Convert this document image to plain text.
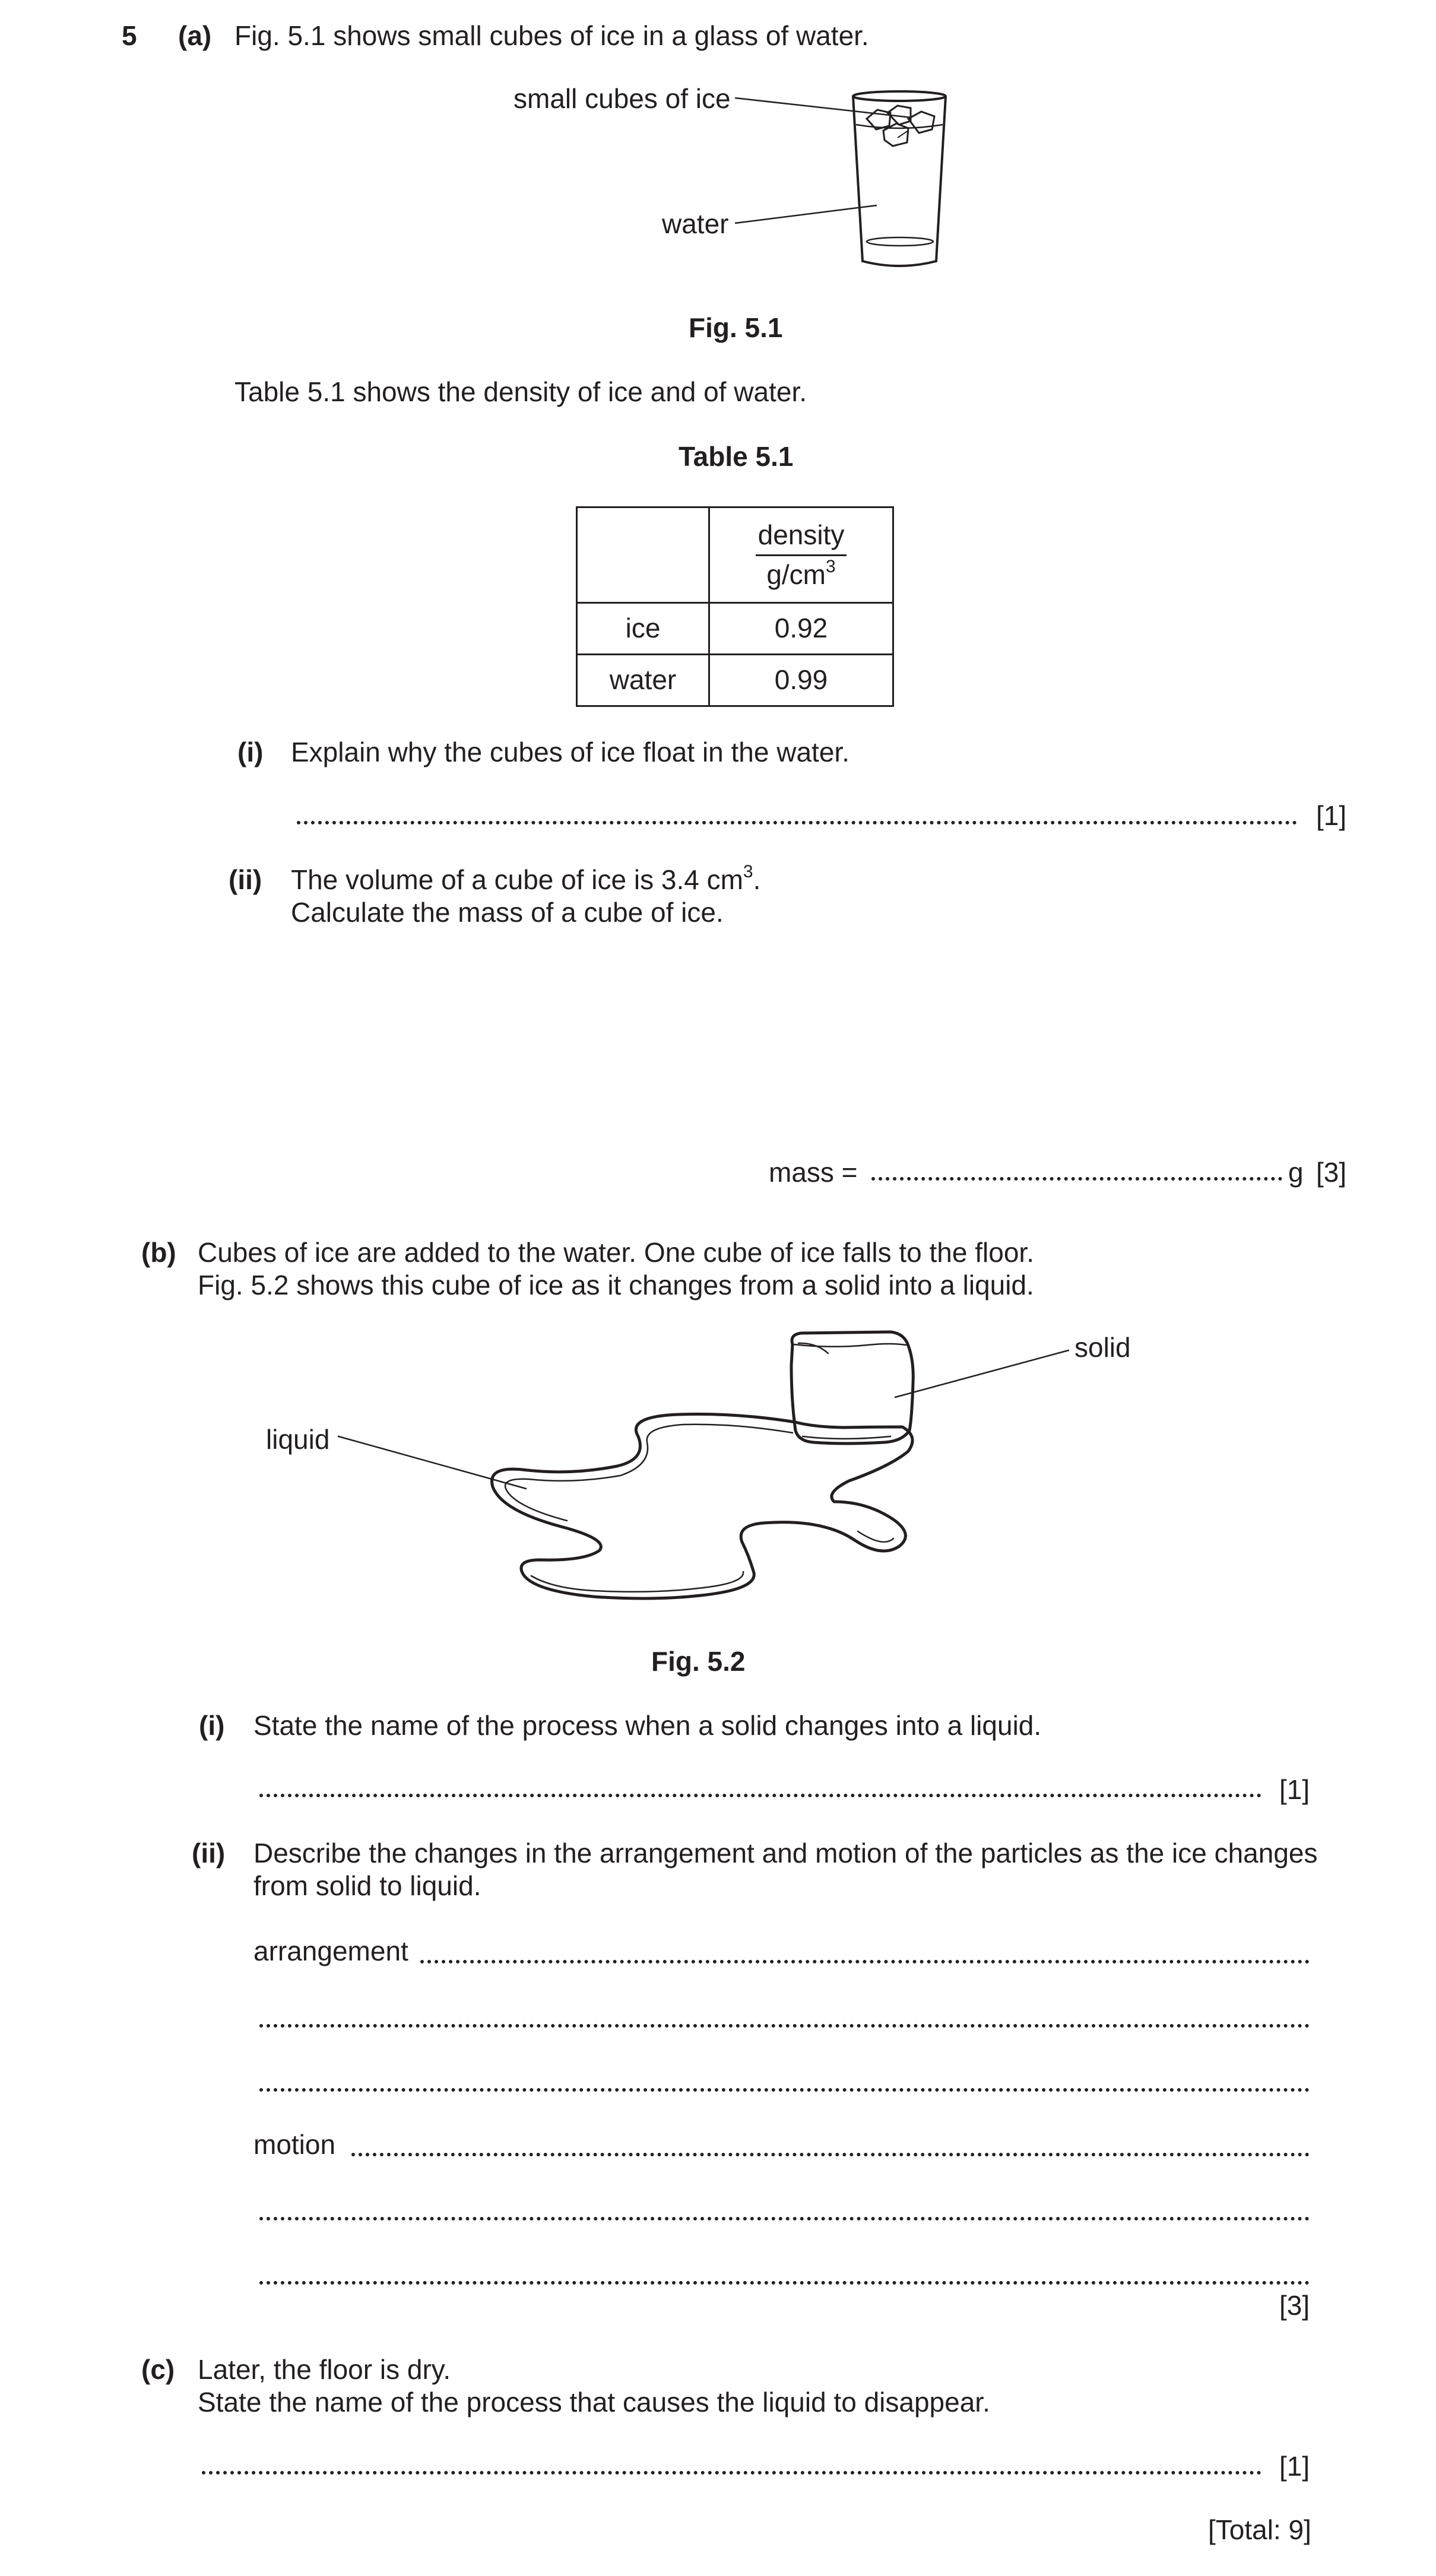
5 (a) Fig. 5.1 shows small cubes of ice in a glass of water.
small cubes of ice
water
Fig. 5.1
Table 5.1 shows the density of ice and of water.
Table 5.1

	$\frac{\text{density}}{g/cm^3}$

ice	0.92
water	0.99
(i) Explain why the cubes of ice float in the water.
[1]
(ii) The volume of a cube of ice is 3.4 $cm^3$.
Calculate the mass of a cube of ice.
mass =	g [3]
(b) Cubes of ice are added to the water. One cube of ice falls to the floor.
Fig. 5.2 shows this cube of ice as it changes from a solid into a liquid.
solid
liquid
Fig. 5.2
(i) State the name of the process when a solid changes into a liquid.
[1]
(ii) Describe the changes in the arrangement and motion of the particles as the ice changes
from solid to liquid.
arrangement
motion
[3]
(c) Later, the floor is dry.
State the name of the process that causes the liquid to disappear.
[1]
[Total: 9]
